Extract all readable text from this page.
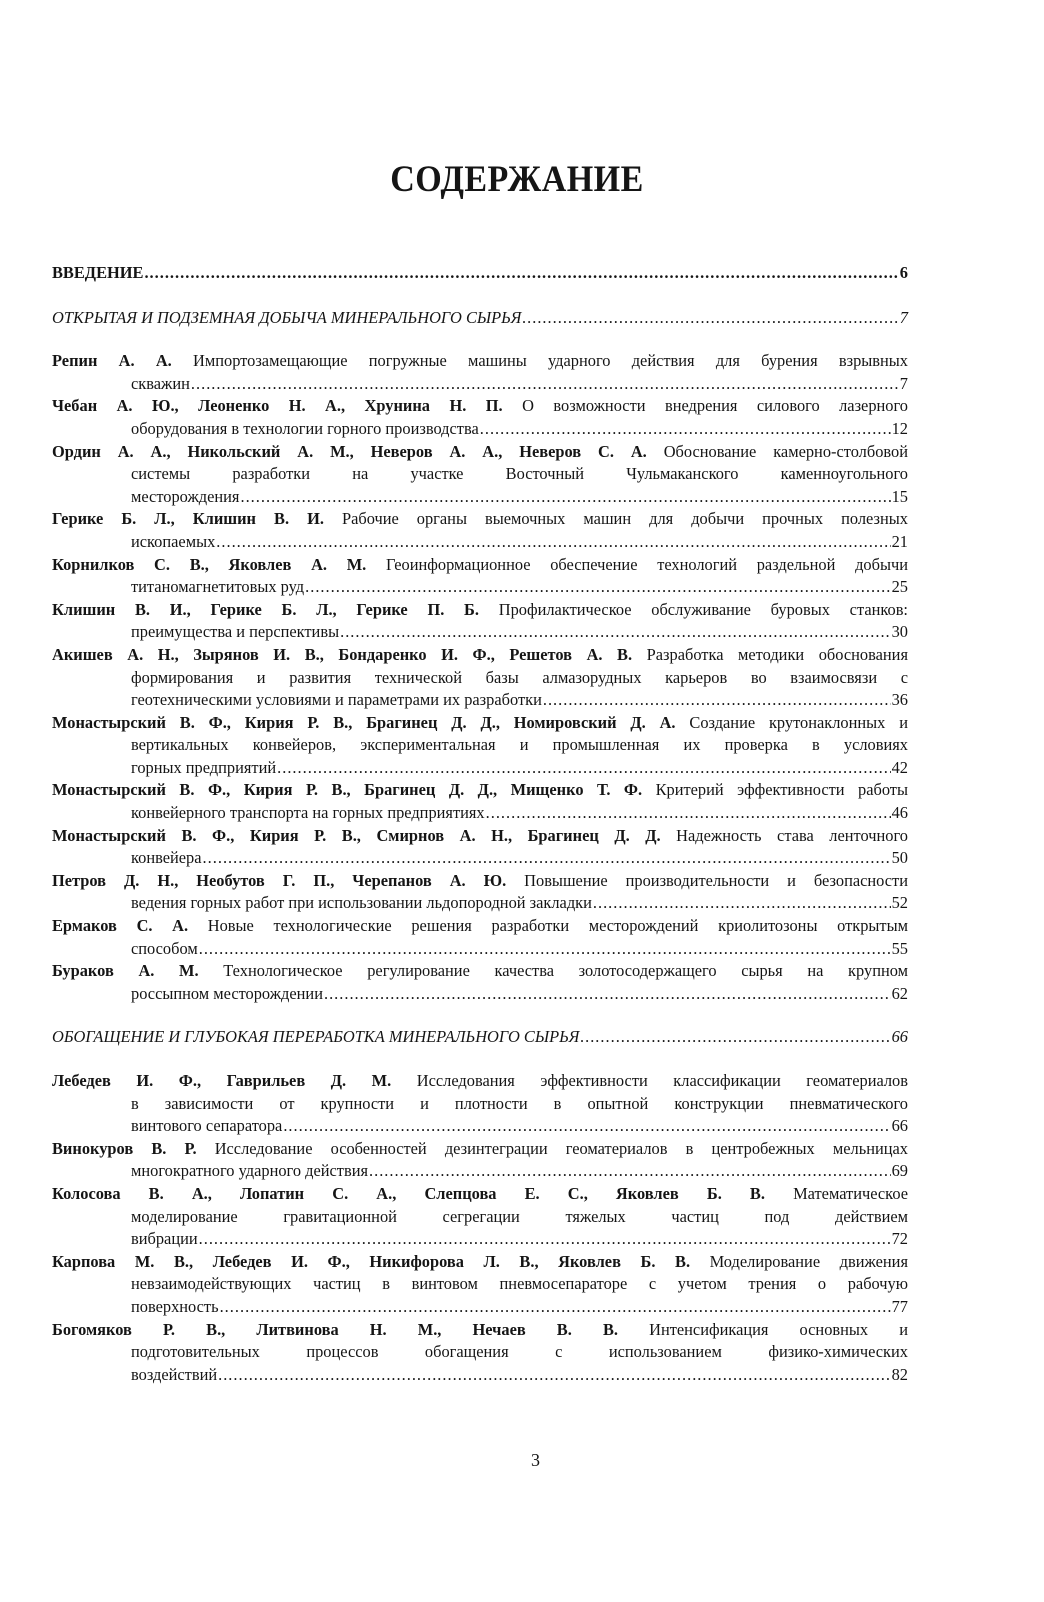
СОДЕРЖАНИЕ
ВВЕДЕНИЕ .....	6
ОТКРЫТАЯ И ПОДЗЕМНАЯ ДОБЫЧА МИНЕРАЛЬНОГО СЫРЬЯ .....	7
Репин А. А. Импортозамещающие погружные машины ударного действия для бурения взрывных
скважин .....	7
Чебан А. Ю., Леоненко Н. А., Хрунина Н. П. О возможности внедрения силового лазерного
оборудования в технологии горного производства .....	12
Ордин А. А., Никольский А. М., Неверов А. А., Неверов С. А. Обоснование камерно-столбовой
системы разработки на участке Восточный Чульмаканского каменноугольного
месторождения .....	15
Герике Б. Л., Клишин В. И. Рабочие органы выемочных машин для добычи прочных полезных
ископаемых .....	21
Корнилков С. В., Яковлев А. М. Геоинформационное обеспечение технологий раздельной добычи
титаномагнетитовых руд .....	25
Клишин В. И., Герике Б. Л., Герике П. Б. Профилактическое обслуживание буровых станков:
преимущества и перспективы .....	30
Акишев А. Н., Зырянов И. В., Бондаренко И. Ф., Решетов А. В. Разработка методики обоснования
формирования и развития технической базы алмазорудных карьеров во взаимосвязи с
геотехническими условиями и параметрами их разработки .....	36
Монастырский В. Ф., Кирия Р. В., Брагинец Д. Д., Номировский Д. А. Создание крутонаклонных и
вертикальных конвейеров, экспериментальная и промышленная их проверка в условиях
горных предприятий .....	42
Монастырский В. Ф., Кирия Р. В., Брагинец Д. Д., Мищенко Т. Ф. Критерий эффективности работы
конвейерного транспорта на горных предприятиях .....	46
Монастырский В. Ф., Кирия Р. В., Смирнов А. Н., Брагинец Д. Д. Надежность става ленточного
конвейера .....	50
Петров Д. Н., Необутов Г. П., Черепанов А. Ю. Повышение производительности и безопасности
ведения горных работ при использовании льдопородной закладки .....	52
Ермаков С. А. Новые технологические решения разработки месторождений криолитозоны открытым
способом .....	55
Бураков А. М. Технологическое регулирование качества золотосодержащего сырья на крупном
россыпном месторождении .....	62
ОБОГАЩЕНИЕ И ГЛУБОКАЯ ПЕРЕРАБОТКА МИНЕРАЛЬНОГО СЫРЬЯ .....	66
Лебедев И. Ф., Гаврильев Д. М. Исследования эффективности классификации геоматериалов
в зависимости от крупности и плотности в опытной конструкции пневматического
винтового сепаратора .....	66
Винокуров В. Р. Исследование особенностей дезинтеграции геоматериалов в центробежных мельницах
многократного ударного действия .....	69
Колосова В. А., Лопатин С. А., Слепцова Е. С., Яковлев Б. В. Математическое
моделирование гравитационной сегрегации тяжелых частиц под действием
вибрации .....	72
Карпова М. В., Лебедев И. Ф., Никифорова Л. В., Яковлев Б. В. Моделирование движения
невзаимодействующих частиц в винтовом пневмосепараторе с учетом трения о рабочую
поверхность .....	77
Богомяков Р. В., Литвинова Н. М., Нечаев В. В. Интенсификация основных и
подготовительных процессов обогащения с использованием физико-химических
воздействий .....	82
3
